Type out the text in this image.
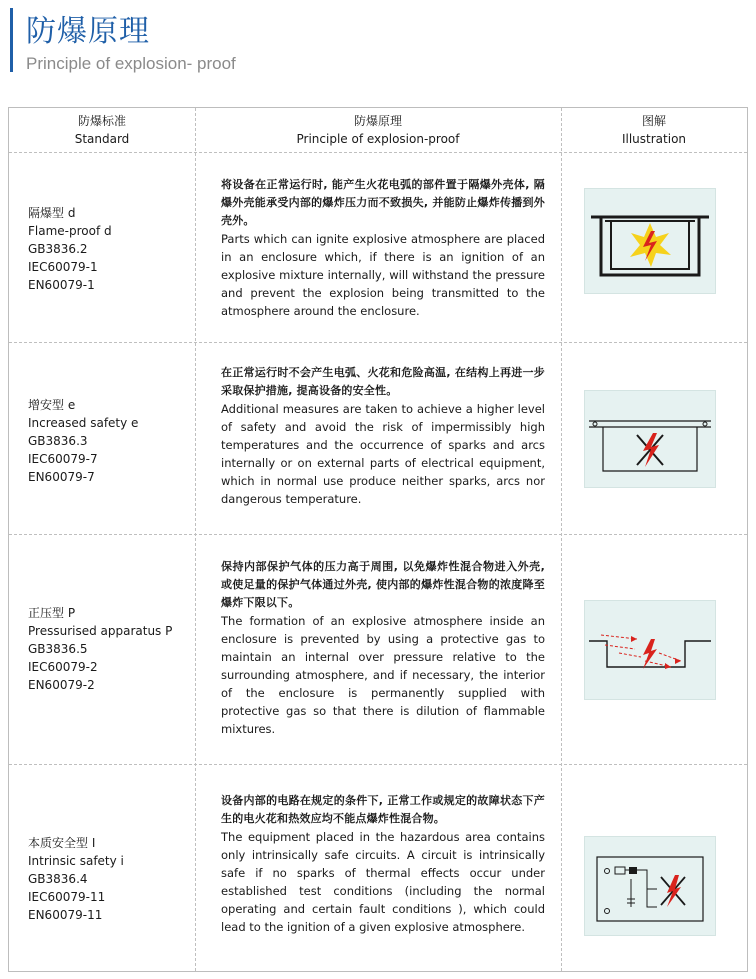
防爆原理
Principle of explosion- proof
防爆标准
Standard
防爆原理
Principle of explosion-proof
图解
Illustration
隔爆型 d
Flame-proof d
GB3836.2
IEC60079-1
EN60079-1
将设备在正常运行时, 能产生火花电弧的部件置于隔爆外壳体, 隔爆外壳能承受内部的爆炸压力而不致损失, 并能防止爆炸传播到外壳外。
Parts which can ignite explosive atmosphere are placed in an enclosure which, if there is an ignition of an explosive mixture internally, will withstand the pressure and prevent the explosion being transmitted to the atmosphere around the enclosure.
增安型 e
Increased safety e
GB3836.3
IEC60079-7
EN60079-7
在正常运行时不会产生电弧、火花和危险高温, 在结构上再进一步采取保护措施, 提高设备的安全性。
Additional measures are taken to achieve a higher level of safety and avoid the risk of impermissibly high temperatures and the occurrence of sparks and arcs internally or on external parts of electrical equipment, which in normal use produce neither sparks, arcs nor dangerous temperature.
正压型 P
Pressurised apparatus P
GB3836.5
IEC60079-2
EN60079-2
保持内部保护气体的压力高于周围, 以免爆炸性混合物进入外壳, 或使足量的保护气体通过外壳, 使内部的爆炸性混合物的浓度降至爆炸下限以下。
The formation of an explosive atmosphere inside an enclosure is prevented by using a protective gas to maintain an internal over pressure relative to the surrounding atmosphere, and if necessary, the interior of the enclosure is permanently supplied with protective gas so that there is dilution of flammable mixtures.
本质安全型 I
Intrinsic safety i
GB3836.4
IEC60079-11
EN60079-11
设备内部的电路在规定的条件下, 正常工作或规定的故障状态下产生的电火花和热效应均不能点爆炸性混合物。
The equipment placed in the hazardous area contains only intrinsically safe circuits. A circuit is intrinsically safe if no sparks of thermal effects occur under established test conditions (including the normal operating and certain fault conditions ), which could lead to the ignition of a given explosive atmosphere.
